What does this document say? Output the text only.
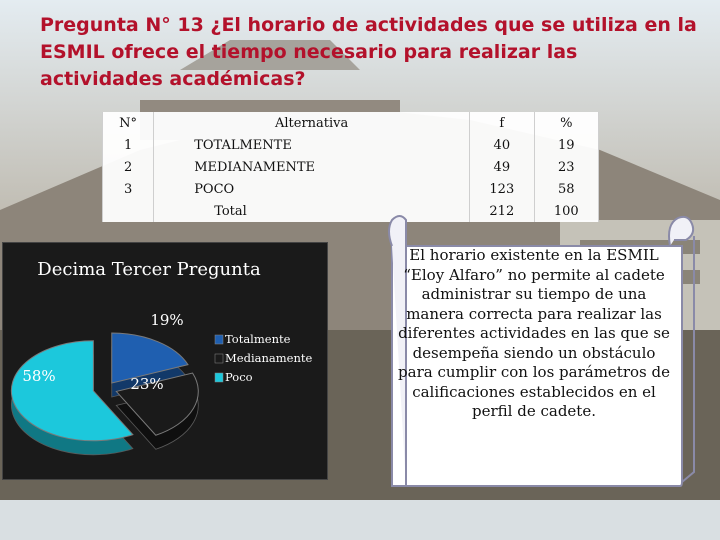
Pregunta N° 13 ¿El horario de actividades que se utiliza en la ESMIL ofrece el tiempo necesario para realizar las actividades académicas?

N°	Alternativa	f	%
1	TOTALMENTE	40	19
2	MEDIANAMENTE	49	23
3	POCO	123	58
	Total	212	100
Decima Tercer Pregunta
19%
23%
58%
Totalmente
Medianamente
Poco

El horario existente en la ESMIL “Eloy Alfaro” no permite al cadete administrar su tiempo de una manera correcta para realizar las diferentes actividades en las que se desempeña siendo un obstáculo para cumplir con los parámetros de calificaciones establecidos en el perfil de cadete.
